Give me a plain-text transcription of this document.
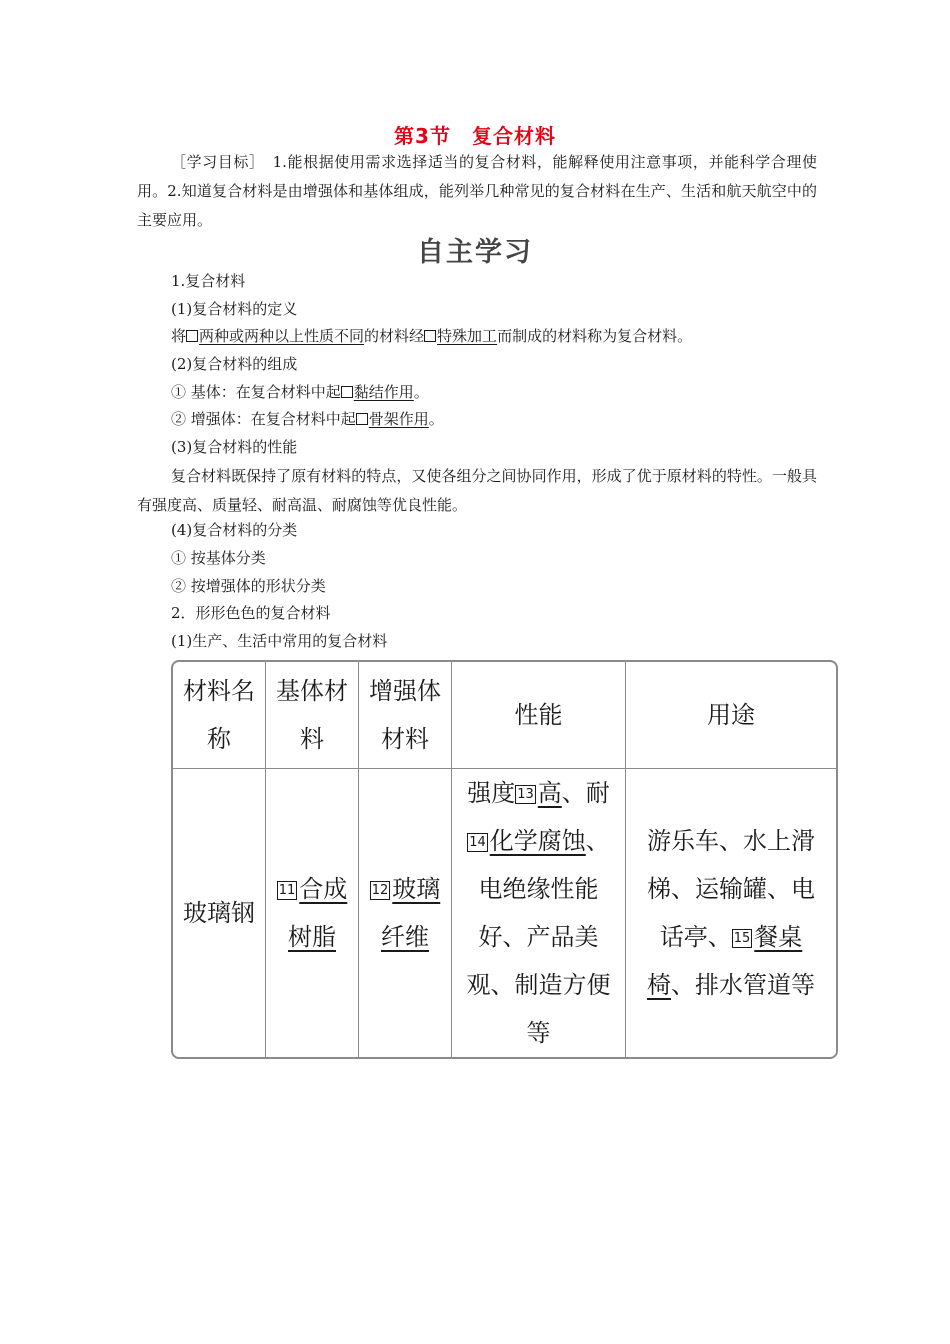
第3节　复合材料
［学习目标］　1.能根据使用需求选择适当的复合材料，能解释使用注意事项，并能科学合理使用。2.知道复合材料是由增强体和基体组成，能列举几种常见的复合材料在生产、生活和航天航空中的主要应用。
自主学习
1.复合材料
(1)复合材料的定义
将 两种或两种以上性质不同的材料经 特殊加工而制成的材料称为复合材料。
(2)复合材料的组成
① 基体：在复合材料中起 黏结作用。
② 增强体：在复合材料中起 骨架作用。
(3)复合材料的性能
复合材料既保持了原有材料的特点，又使各组分之间协同作用，形成了优于原材料的特性。一般具有强度高、质量轻、耐高温、耐腐蚀等优良性能。
(4)复合材料的分类
① 按基体分类
② 按增强体的形状分类
2．形形色色的复合材料
(1)生产、生活中常用的复合材料
材料名称	基体材料	增强体材料	性能	用途
玻璃钢	11 合成树脂	12 玻璃纤维	强度 13 高、耐14 化学腐蚀、电绝缘性能好、产品美观、制造方便等	游乐车、水上滑梯、运输罐、电话亭、 15 餐桌椅、排水管道等
